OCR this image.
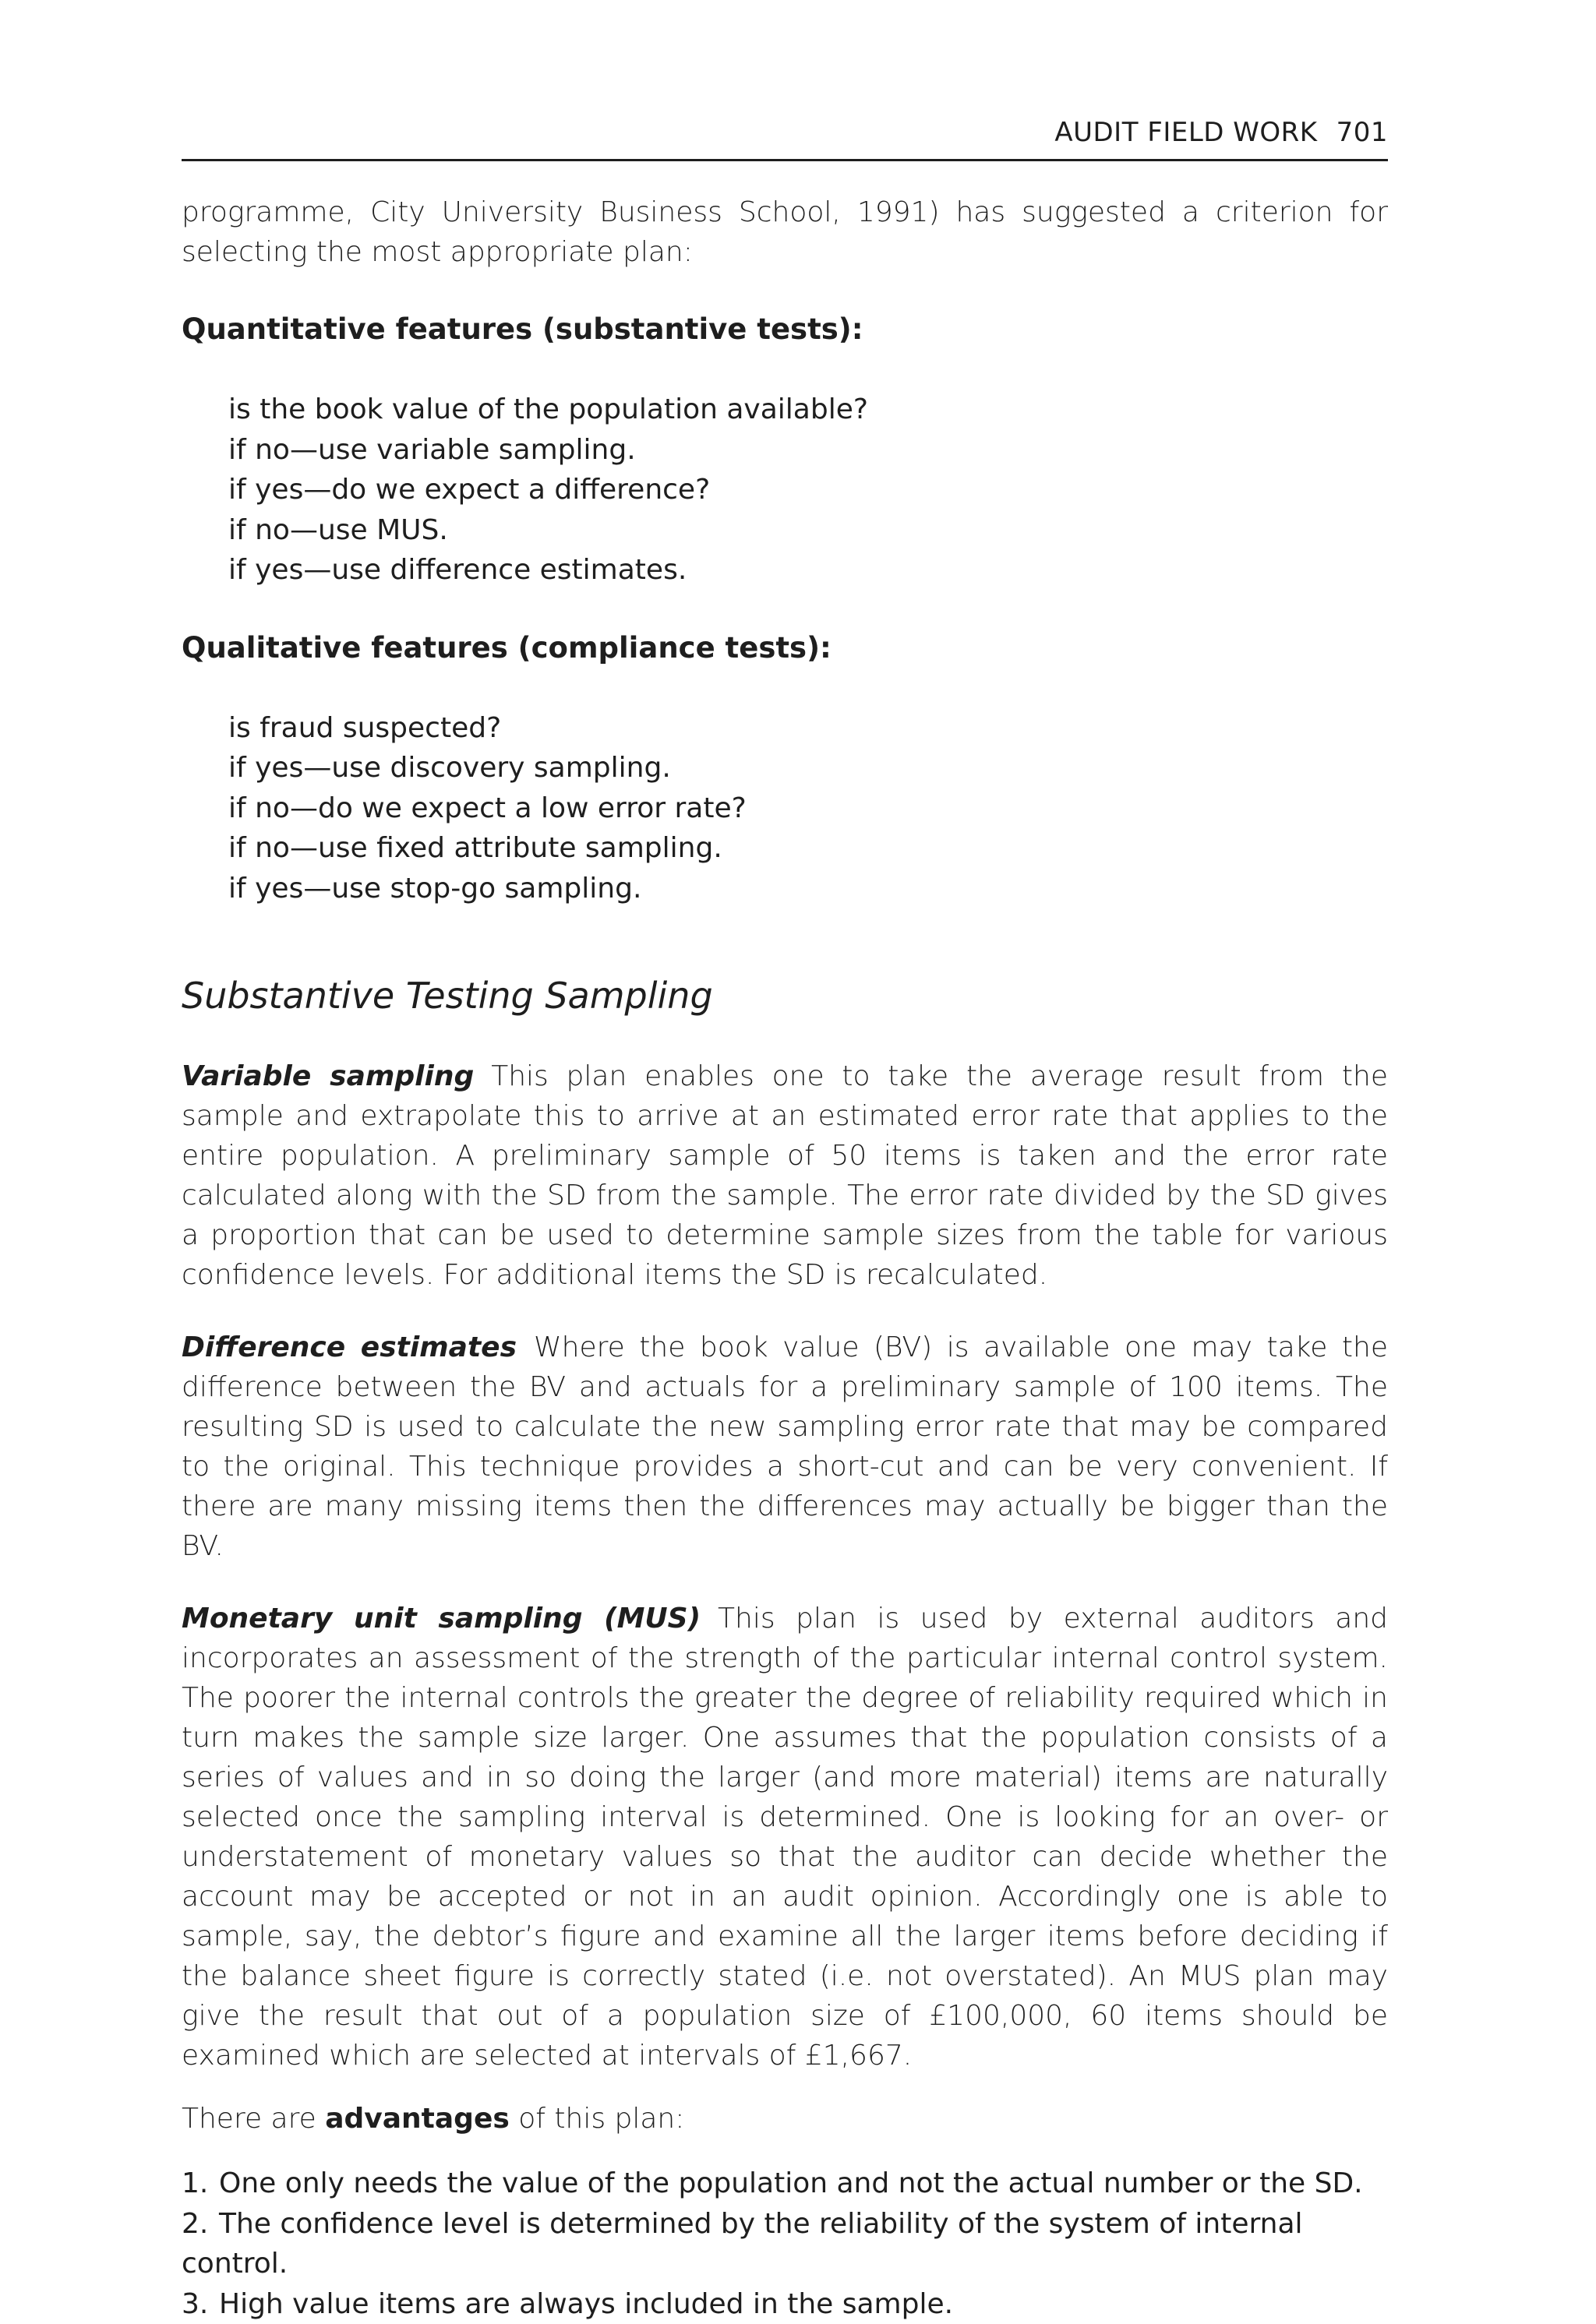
AUDIT FIELD WORK 701

programme, City University Business School, 1991) has suggested a criterion for selecting the most appropriate plan:

Quantitative features (substantive tests):
is the book value of the population available?
if no—use variable sampling.
if yes—do we expect a difference?
if no—use MUS.
if yes—use difference estimates.
Qualitative features (compliance tests):
is fraud suspected?
if yes—use discovery sampling.
if no—do we expect a low error rate?
if no—use fixed attribute sampling.
if yes—use stop-go sampling.
Substantive Testing Sampling

Variable sampling This plan enables one to take the average result from the sample and extrapolate this to arrive at an estimated error rate that applies to the entire population. A preliminary sample of 50 items is taken and the error rate calculated along with the SD from the sample. The error rate divided by the SD gives a proportion that can be used to determine sample sizes from the table for various confidence levels. For additional items the SD is recalculated.

Difference estimates Where the book value (BV) is available one may take the difference between the BV and actuals for a preliminary sample of 100 items. The resulting SD is used to calculate the new sampling error rate that may be compared to the original. This technique provides a short-cut and can be very convenient. If there are many missing items then the differences may actually be bigger than the BV.

Monetary unit sampling (MUS) This plan is used by external auditors and incorporates an assessment of the strength of the particular internal control system. The poorer the internal controls the greater the degree of reliability required which in turn makes the sample size larger. One assumes that the population consists of a series of values and in so doing the larger (and more material) items are naturally selected once the sampling interval is determined. One is looking for an over- or understatement of monetary values so that the auditor can decide whether the account may be accepted or not in an audit opinion. Accordingly one is able to sample, say, the debtor’s figure and examine all the larger items before deciding if the balance sheet figure is correctly stated (i.e. not overstated). An MUS plan may give the result that out of a population size of £100,000, 60 items should be examined which are selected at intervals of £1,667.

There are advantages of this plan:

1. One only needs the value of the population and not the actual number or the SD.
2. The confidence level is determined by the reliability of the system of internal control.
3. High value items are always included in the sample.
